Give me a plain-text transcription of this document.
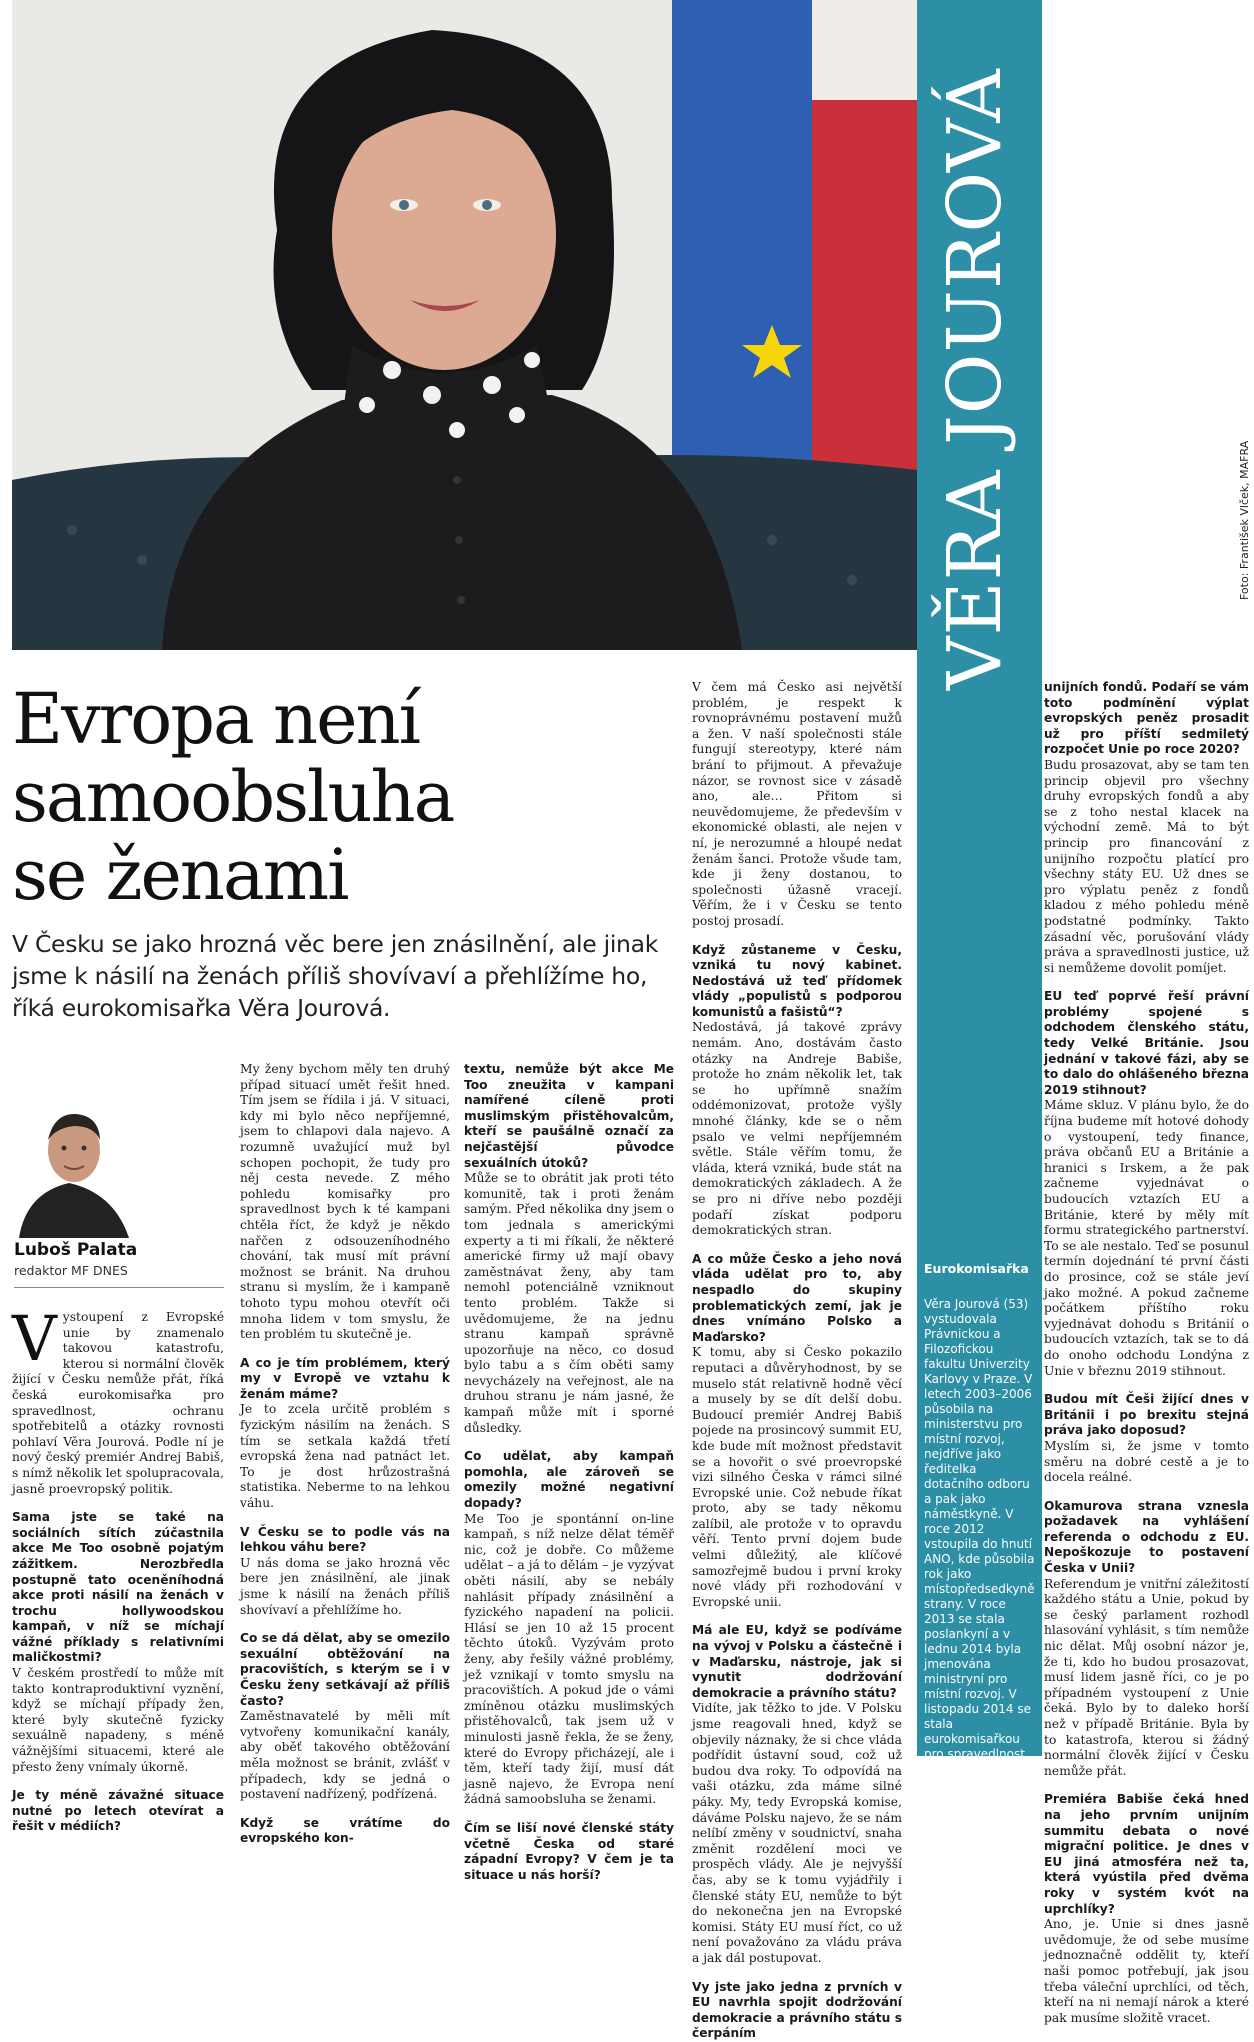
VĚRA JOUROVÁ	Foto: František Vlček, MAFRA
Eurokomisařka
Věra Jourová (53) vystudovala Právnickou a Filozofickou fakultu Univerzity Karlovy v Praze. V letech 2003–2006 působila na ministerstvu pro místní rozvoj, nejdříve jako ředitelka dotačního odboru a pak jako náměstkyně. V roce 2012 vstoupila do hnutí ANO, kde působila rok jako místopředsedkyně strany. V roce 2013 se stala poslankyní a v lednu 2014 byla jmenována ministryní pro místní rozvoj. V listopadu 2014 se stala eurokomisařkou pro spravedlnost či rovná práva.
Evropa není
samoobsluha
se ženami
V Česku se jako hrozná věc bere jen znásilnění, ale jinak jsme k násilí na ženách příliš shovívaví a přehlížíme ho, říká eurokomisařka Věra Jourová.
Luboš Palata
redaktor MF DNES

Vystoupení z Evropské unie by znamenalo takovou katastrofu, kterou si normální člověk žijící v Česku nemůže přát, říká česká eurokomisařka pro spravedlnost, ochranu spotřebitelů a otázky rovnosti pohlaví Věra Jourová. Podle ní je nový český premiér Andrej Babiš, s nímž několik let spolupracovala, jasně proevropský politik.

Sama jste se také na sociálních sítích zúčastnila akce Me Too osobně pojatým zážitkem. Nerozbředla postupně tato oceněníhodná akce proti násilí na ženách v trochu hollywoodskou kampaň, v níž se míchají vážné příklady s relativními maličkostmi?

V českém prostředí to může mít takto kontraproduktivní vyznění, když se míchají případy žen, které byly skutečně fyzicky sexuálně napadeny, s méně vážnějšími situacemi, které ale přesto ženy vnímaly úkorně.

Je ty méně závažné situace nutné po letech otevírat a řešit v médiích?

My ženy bychom měly ten druhý případ situací umět řešit hned. Tím jsem se řídila i já. V situaci, kdy mi bylo něco nepříjemné, jsem to chlapovi dala najevo. A rozumně uvažující muž byl schopen pochopit, že tudy pro něj cesta nevede. Z mého pohledu komisařky pro spravedlnost bych k té kampani chtěla říct, že když je někdo nařčen z odsouzeníhodného chování, tak musí mít právní možnost se bránit. Na druhou stranu si myslím, že i kampaně tohoto typu mohou otevřít oči mnoha lidem v tom smyslu, že ten problém tu skutečně je.

A co je tím problémem, který my v Evropě ve vztahu k ženám máme?

Je to zcela určitě problém s fyzickým násilím na ženách. S tím se setkala každá třetí evropská žena nad patnáct let. To je dost hrůzostrašná statistika. Neberme to na lehkou váhu.

V Česku se to podle vás na lehkou váhu bere?

U nás doma se jako hrozná věc bere jen znásilnění, ale jinak jsme k násilí na ženách příliš shovívaví a přehlížíme ho.

Co se dá dělat, aby se omezilo sexuální obtěžování na pracovištích, s kterým se i v Česku ženy setkávají až příliš často?

Zaměstnavatelé by měli mít vytvořeny komunikační kanály, aby oběť takového obtěžování měla možnost se bránit, zvlášť v případech, kdy se jedná o postavení nadřízený, podřízená.

Když se vrátíme do evropského kon-

textu, nemůže být akce Me Too zneužita v kampani namířené cíleně proti muslimským přistěhovalcům, kteří se paušálně označí za nejčastější původce sexuálních útoků?

Může se to obrátit jak proti této komunitě, tak i proti ženám samým. Před několika dny jsem o tom jednala s americkými experty a ti mi říkali, že některé americké firmy už mají obavy zaměstnávat ženy, aby tam nemohl potenciálně vzniknout tento problém. Takže si uvědomujeme, že na jednu stranu kampaň správně upozorňuje na něco, co dosud bylo tabu a s čím oběti samy nevycházely na veřejnost, ale na druhou stranu je nám jasné, že kampaň může mít i sporné důsledky.

Co udělat, aby kampaň pomohla, ale zároveň se omezily možné negativní dopady?

Me Too je spontánní on-line kampaň, s níž nelze dělat téměř nic, což je dobře. Co můžeme udělat – a já to dělám – je vyzývat oběti násilí, aby se nebály nahlásit případy znásilnění a fyzického napadení na policii. Hlásí se jen 10 až 15 procent těchto útoků. Vyzývám proto ženy, aby řešily vážné problémy, jež vznikají v tomto smyslu na pracovištích. A pokud jde o vámi zmíněnou otázku muslimských přistěhovalců, tak jsem už v minulosti jasně řekla, že se ženy, které do Evropy přicházejí, ale i těm, kteří tady žijí, musí dát jasně najevo, že Evropa není žádná samoobsluha se ženami.

Čím se liší nové členské státy včetně Česka od staré západní Evropy? V čem je ta situace u nás horší?

V čem má Česko asi největší problém, je respekt k rovnoprávnému postavení mužů a žen. V naší společnosti stále fungují stereotypy, které nám brání to přijmout. A převažuje názor, se rovnost sice v zásadě ano, ale… Přitom si neuvědomujeme, že především v ekonomické oblasti, ale nejen v ní, je nerozumné a hloupé nedat ženám šanci. Protože všude tam, kde ji ženy dostanou, to společnosti úžasně vracejí. Věřím, že i v Česku se tento postoj prosadí.

Když zůstaneme v Česku, vzniká tu nový kabinet. Nedostává už teď přídomek vlády „populistů s podporou komunistů a fašistů“?

Nedostává, já takové zprávy nemám. Ano, dostávám často otázky na Andreje Babiše, protože ho znám několik let, tak se ho upřímně snažím oddémonizovat, protože vyšly mnohé články, kde se o něm psalo ve velmi nepříjemném světle. Stále věřím tomu, že vláda, která vzniká, bude stát na demokratických základech. A že se pro ni dříve nebo později podaří získat podporu demokratických stran.

A co může Česko a jeho nová vláda udělat pro to, aby nespadlo do skupiny problematických zemí, jak je dnes vnímáno Polsko a Maďarsko?

K tomu, aby si Česko pokazilo reputaci a důvěryhodnost, by se muselo stát relativně hodně věcí a musely by se dít delší dobu. Budoucí premiér Andrej Babiš pojede na prosincový summit EU, kde bude mít možnost představit se a hovořit o své proevropské vizi silného Česka v rámci silné Evropské unie. Což nebude říkat proto, aby se tady někomu zalíbil, ale protože v to opravdu věří. Tento první dojem bude velmi důležitý, ale klíčové samozřejmě budou i první kroky nové vlády při rozhodování v Evropské unii.

Má ale EU, když se podíváme na vývoj v Polsku a částečně i v Maďarsku, nástroje, jak si vynutit dodržování demokracie a právního státu?

Vidíte, jak těžko to jde. V Polsku jsme reagovali hned, když se objevily náznaky, že si chce vláda podřídit ústavní soud, což už budou dva roky. To odpovídá na vaši otázku, zda máme silné páky. My, tedy Evropská komise, dáváme Polsku najevo, že se nám nelíbí změny v soudnictví, snaha změnit rozdělení moci ve prospěch vlády. Ale je nejvyšší čas, aby se k tomu vyjádřily i členské státy EU, nemůže to být do nekonečna jen na Evropské komisi. Státy EU musí říct, co už není považováno za vládu práva a jak dál postupovat.

Vy jste jako jedna z prvních v EU navrhla spojit dodržování demokracie a právního státu s čerpáním

unijních fondů. Podaří se vám toto podmínění výplat evropských peněz prosadit už pro příští sedmiletý rozpočet Unie po roce 2020?

Budu prosazovat, aby se tam ten princip objevil pro všechny druhy evropských fondů a aby se z toho nestal klacek na východní země. Má to být princip pro financování z unijního rozpočtu platící pro všechny státy EU. Už dnes se pro výplatu peněz z fondů kladou z mého pohledu méně podstatné podmínky. Takto zásadní věc, porušování vlády práva a spravedlnosti justice, už si nemůžeme dovolit pomíjet.

EU teď poprvé řeší právní problémy spojené s odchodem členského státu, tedy Velké Británie. Jsou jednání v takové fázi, aby se to dalo do ohlášeného března 2019 stihnout?

Máme skluz. V plánu bylo, že do října budeme mít hotové dohody o vystoupení, tedy finance, práva občanů EU a Británie a hranici s Irskem, a že pak začneme vyjednávat o budoucích vztazích EU a Británie, které by měly mít formu strategického partnerství. To se ale nestalo. Teď se posunul termín dojednání té první části do prosince, což se stále jeví jako možné. A pokud začneme počátkem příštího roku vyjednávat dohodu s Británií o budoucích vztazích, tak se to dá do onoho odchodu Londýna z Unie v březnu 2019 stihnout.

Budou mít Češi žijící dnes v Británii i po brexitu stejná práva jako doposud?

Myslím si, že jsme v tomto směru na dobré cestě a je to docela reálné.

Okamurova strana vznesla požadavek na vyhlášení referenda o odchodu z EU. Nepoškozuje to postavení Česka v Unii?

Referendum je vnitřní záležitostí každého státu a Unie, pokud by se český parlament rozhodl hlasování vyhlásit, s tím nemůže nic dělat. Můj osobní názor je, že ti, kdo ho budou prosazovat, musí lidem jasně říci, co je po případném vystoupení z Unie čeká. Bylo by to daleko horší než v případě Británie. Byla by to katastrofa, kterou si žádný normální člověk žijící v Česku nemůže přát.

Premiéra Babiše čeká hned na jeho prvním unijním summitu debata o nové migrační politice. Je dnes v EU jiná atmosféra než ta, která vyústila před dvěma roky v systém kvót na uprchlíky?

Ano, je. Unie si dnes jasně uvědomuje, že od sebe musíme jednoznačně oddělit ty, kteří naši pomoc potřebují, jak jsou třeba váleční uprchlíci, od těch, kteří na ni nemají nárok a které pak musíme složitě vracet.
